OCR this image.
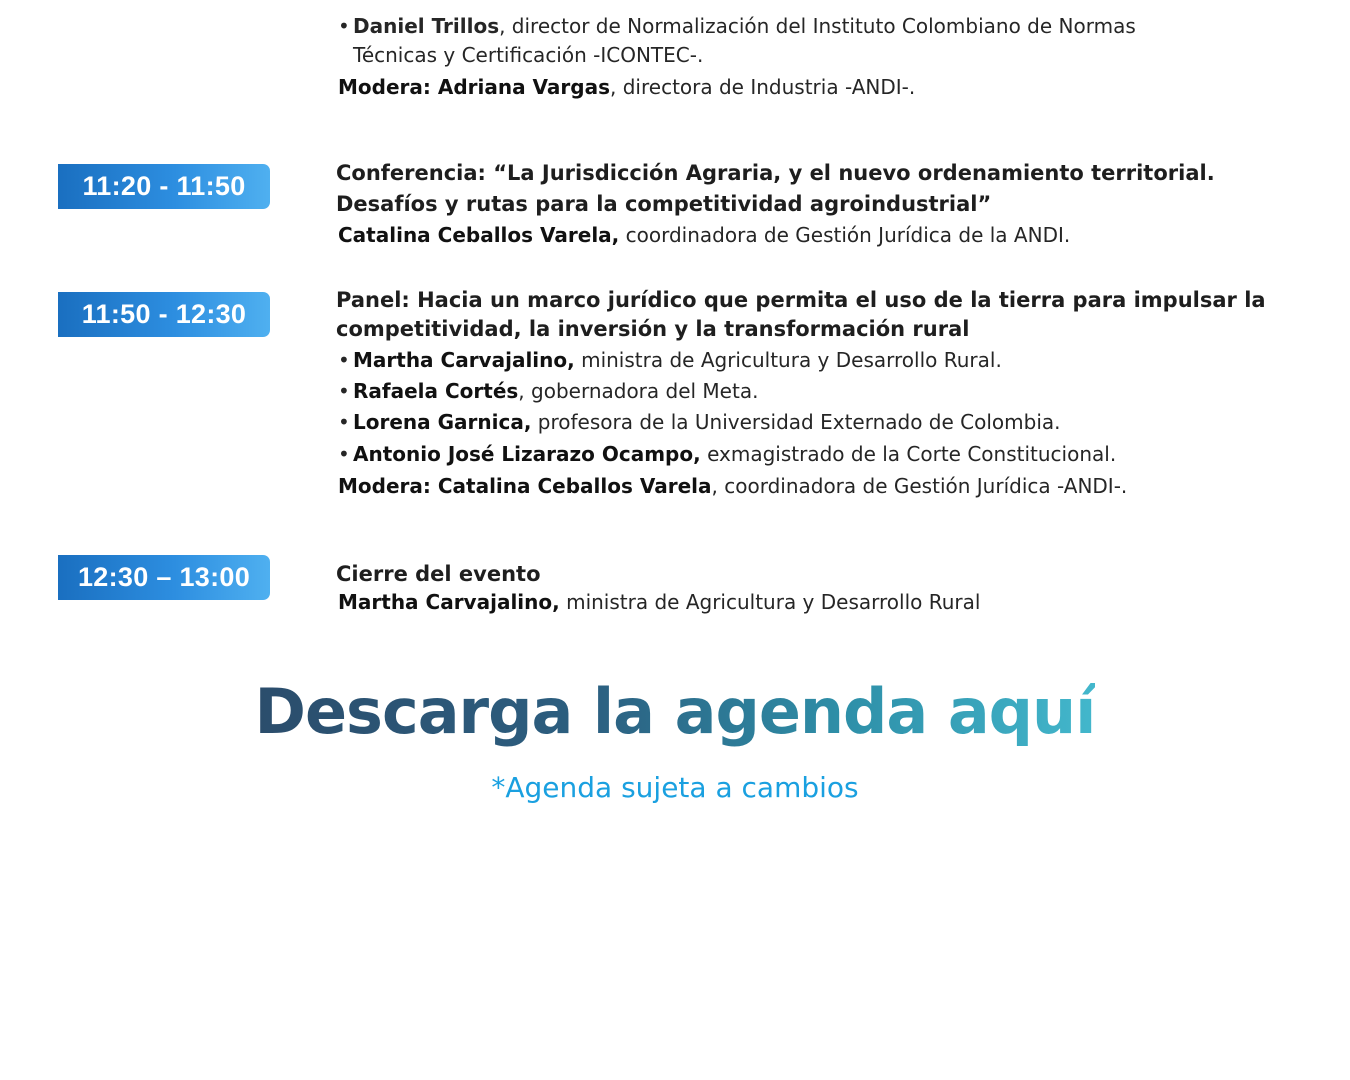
• Daniel Trillos, director de Normalización del Instituto Colombiano de Normas
Técnicas y Certificación -ICONTEC-.
Modera: Adriana Vargas, directora de Industria -ANDI-.
11:20 - 11:50	Conferencia: “La Jurisdicción Agraria, y el nuevo ordenamiento territorial.
Desafíos y rutas para la competitividad agroindustrial”
Catalina Ceballos Varela, coordinadora de Gestión Jurídica de la ANDI.
11:50 - 12:30	Panel: Hacia un marco jurídico que permita el uso de la tierra para impulsar la
competitividad, la inversión y la transformación rural
• Martha Carvajalino, ministra de Agricultura y Desarrollo Rural.
• Rafaela Cortés, gobernadora del Meta.
• Lorena Garnica, profesora de la Universidad Externado de Colombia.
• Antonio José Lizarazo Ocampo, exmagistrado de la Corte Constitucional.
Modera: Catalina Ceballos Varela, coordinadora de Gestión Jurídica -ANDI-.
12:30 – 13:00	Cierre del evento
Martha Carvajalino, ministra de Agricultura y Desarrollo Rural
Descarga la agenda aquí
*Agenda sujeta a cambios
